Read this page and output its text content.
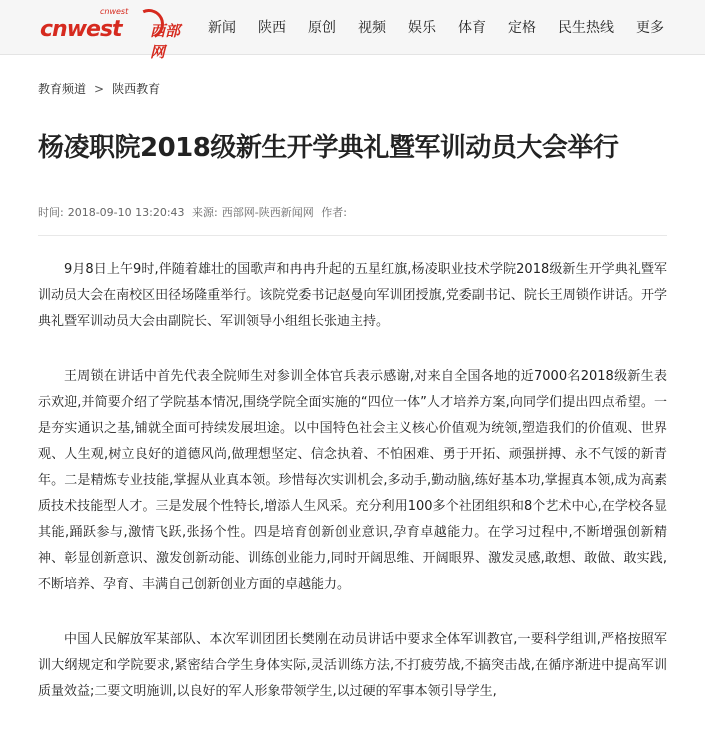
cnwest
cnwest 西部网
新闻 陕西 原创 视频 娱乐 体育 定格 民生热线 更多
教育频道 > 陕西教育
杨凌职院2018级新生开学典礼暨军训动员大会举行
时间: 2018-09-10 13:20:43 来源: 西部网-陕西新闻网 作者:

9月8日上午9时,伴随着雄壮的国歌声和冉冉升起的五星红旗,杨凌职业技术学院2018级新生开学典礼暨军训动员大会在南校区田径场隆重举行。该院党委书记赵曼向军训团授旗,党委副书记、院长王周锁作讲话。开学典礼暨军训动员大会由副院长、军训领导小组组长张迪主持。

王周锁在讲话中首先代表全院师生对参训全体官兵表示感谢,对来自全国各地的近7000名2018级新生表示欢迎,并简要介绍了学院基本情况,围绕学院全面实施的“四位一体”人才培养方案,向同学们提出四点希望。一是夯实通识之基,铺就全面可持续发展坦途。以中国特色社会主义核心价值观为统领,塑造我们的价值观、世界观、人生观,树立良好的道德风尚,做理想坚定、信念执着、不怕困难、勇于开拓、顽强拼搏、永不气馁的新青年。二是精炼专业技能,掌握从业真本领。珍惜每次实训机会,多动手,勤动脑,练好基本功,掌握真本领,成为高素质技术技能型人才。三是发展个性特长,增添人生风采。充分利用100多个社团组织和8个艺术中心,在学校各显其能,踊跃参与,激情飞跃,张扬个性。四是培育创新创业意识,孕育卓越能力。在学习过程中,不断增强创新精神、彰显创新意识、激发创新动能、训练创业能力,同时开阔思维、开阔眼界、激发灵感,敢想、敢做、敢实践,不断培养、孕育、丰满自己创新创业方面的卓越能力。

中国人民解放军某部队、本次军训团团长樊刚在动员讲话中要求全体军训教官,一要科学组训,严格按照军训大纲规定和学院要求,紧密结合学生身体实际,灵活训练方法,不打疲劳战,不搞突击战,在循序渐进中提高军训质量效益;二要文明施训,以良好的军人形象带领学生,以过硬的军事本领引导学生,
